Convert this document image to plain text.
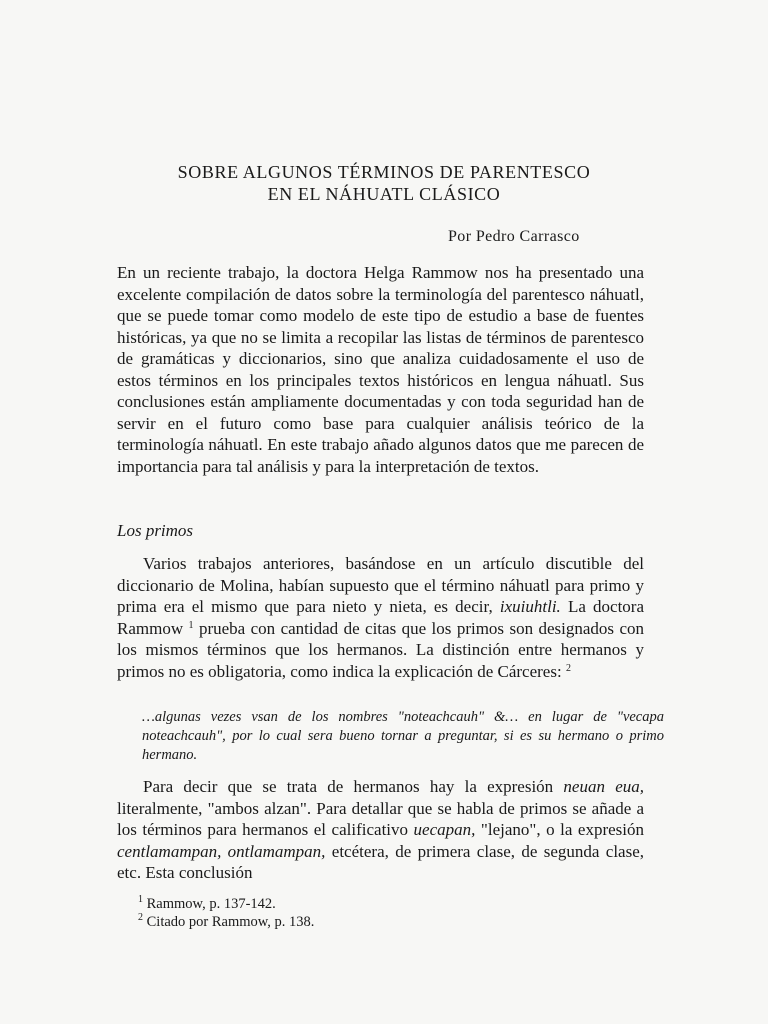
SOBRE ALGUNOS TÉRMINOS DE PARENTESCO
EN EL NÁHUATL CLÁSICO
Por Pedro Carrasco
En un reciente trabajo, la doctora Helga Rammow nos ha presentado una excelente compilación de datos sobre la terminología del parentesco náhuatl, que se puede tomar como modelo de este tipo de estudio a base de fuentes históricas, ya que no se limita a recopilar las listas de términos de parentesco de gramáticas y diccionarios, sino que analiza cuidadosamente el uso de estos términos en los principales textos históricos en lengua náhuatl. Sus conclusiones están ampliamente documentadas y con toda seguridad han de servir en el futuro como base para cualquier análisis teórico de la terminología náhuatl. En este trabajo añado algunos datos que me parecen de importancia para tal análisis y para la interpretación de textos.
Los primos
Varios trabajos anteriores, basándose en un artículo discutible del diccionario de Molina, habían supuesto que el término náhuatl para primo y prima era el mismo que para nieto y nieta, es decir, ixuiuhtli. La doctora Rammow $^1$ prueba con cantidad de citas que los primos son designados con los mismos términos que los hermanos. La distinción entre hermanos y primos no es obligatoria, como indica la explicación de Cárceres: $^2$
…algunas vezes vsan de los nombres "noteachcauh" &… en lugar de "vecapa noteachcauh", por lo cual sera bueno tornar a preguntar, si es su hermano o primo hermano.
Para decir que se trata de hermanos hay la expresión neuan eua, literalmente, "ambos alzan". Para detallar que se habla de primos se añade a los términos para hermanos el calificativo uecapan, "lejano", o la expresión centlamampan, ontlamampan, etcétera, de primera clase, de segunda clase, etc. Esta conclusión
$^1$ Rammow, p. 137-142.
$^2$ Citado por Rammow, p. 138.
